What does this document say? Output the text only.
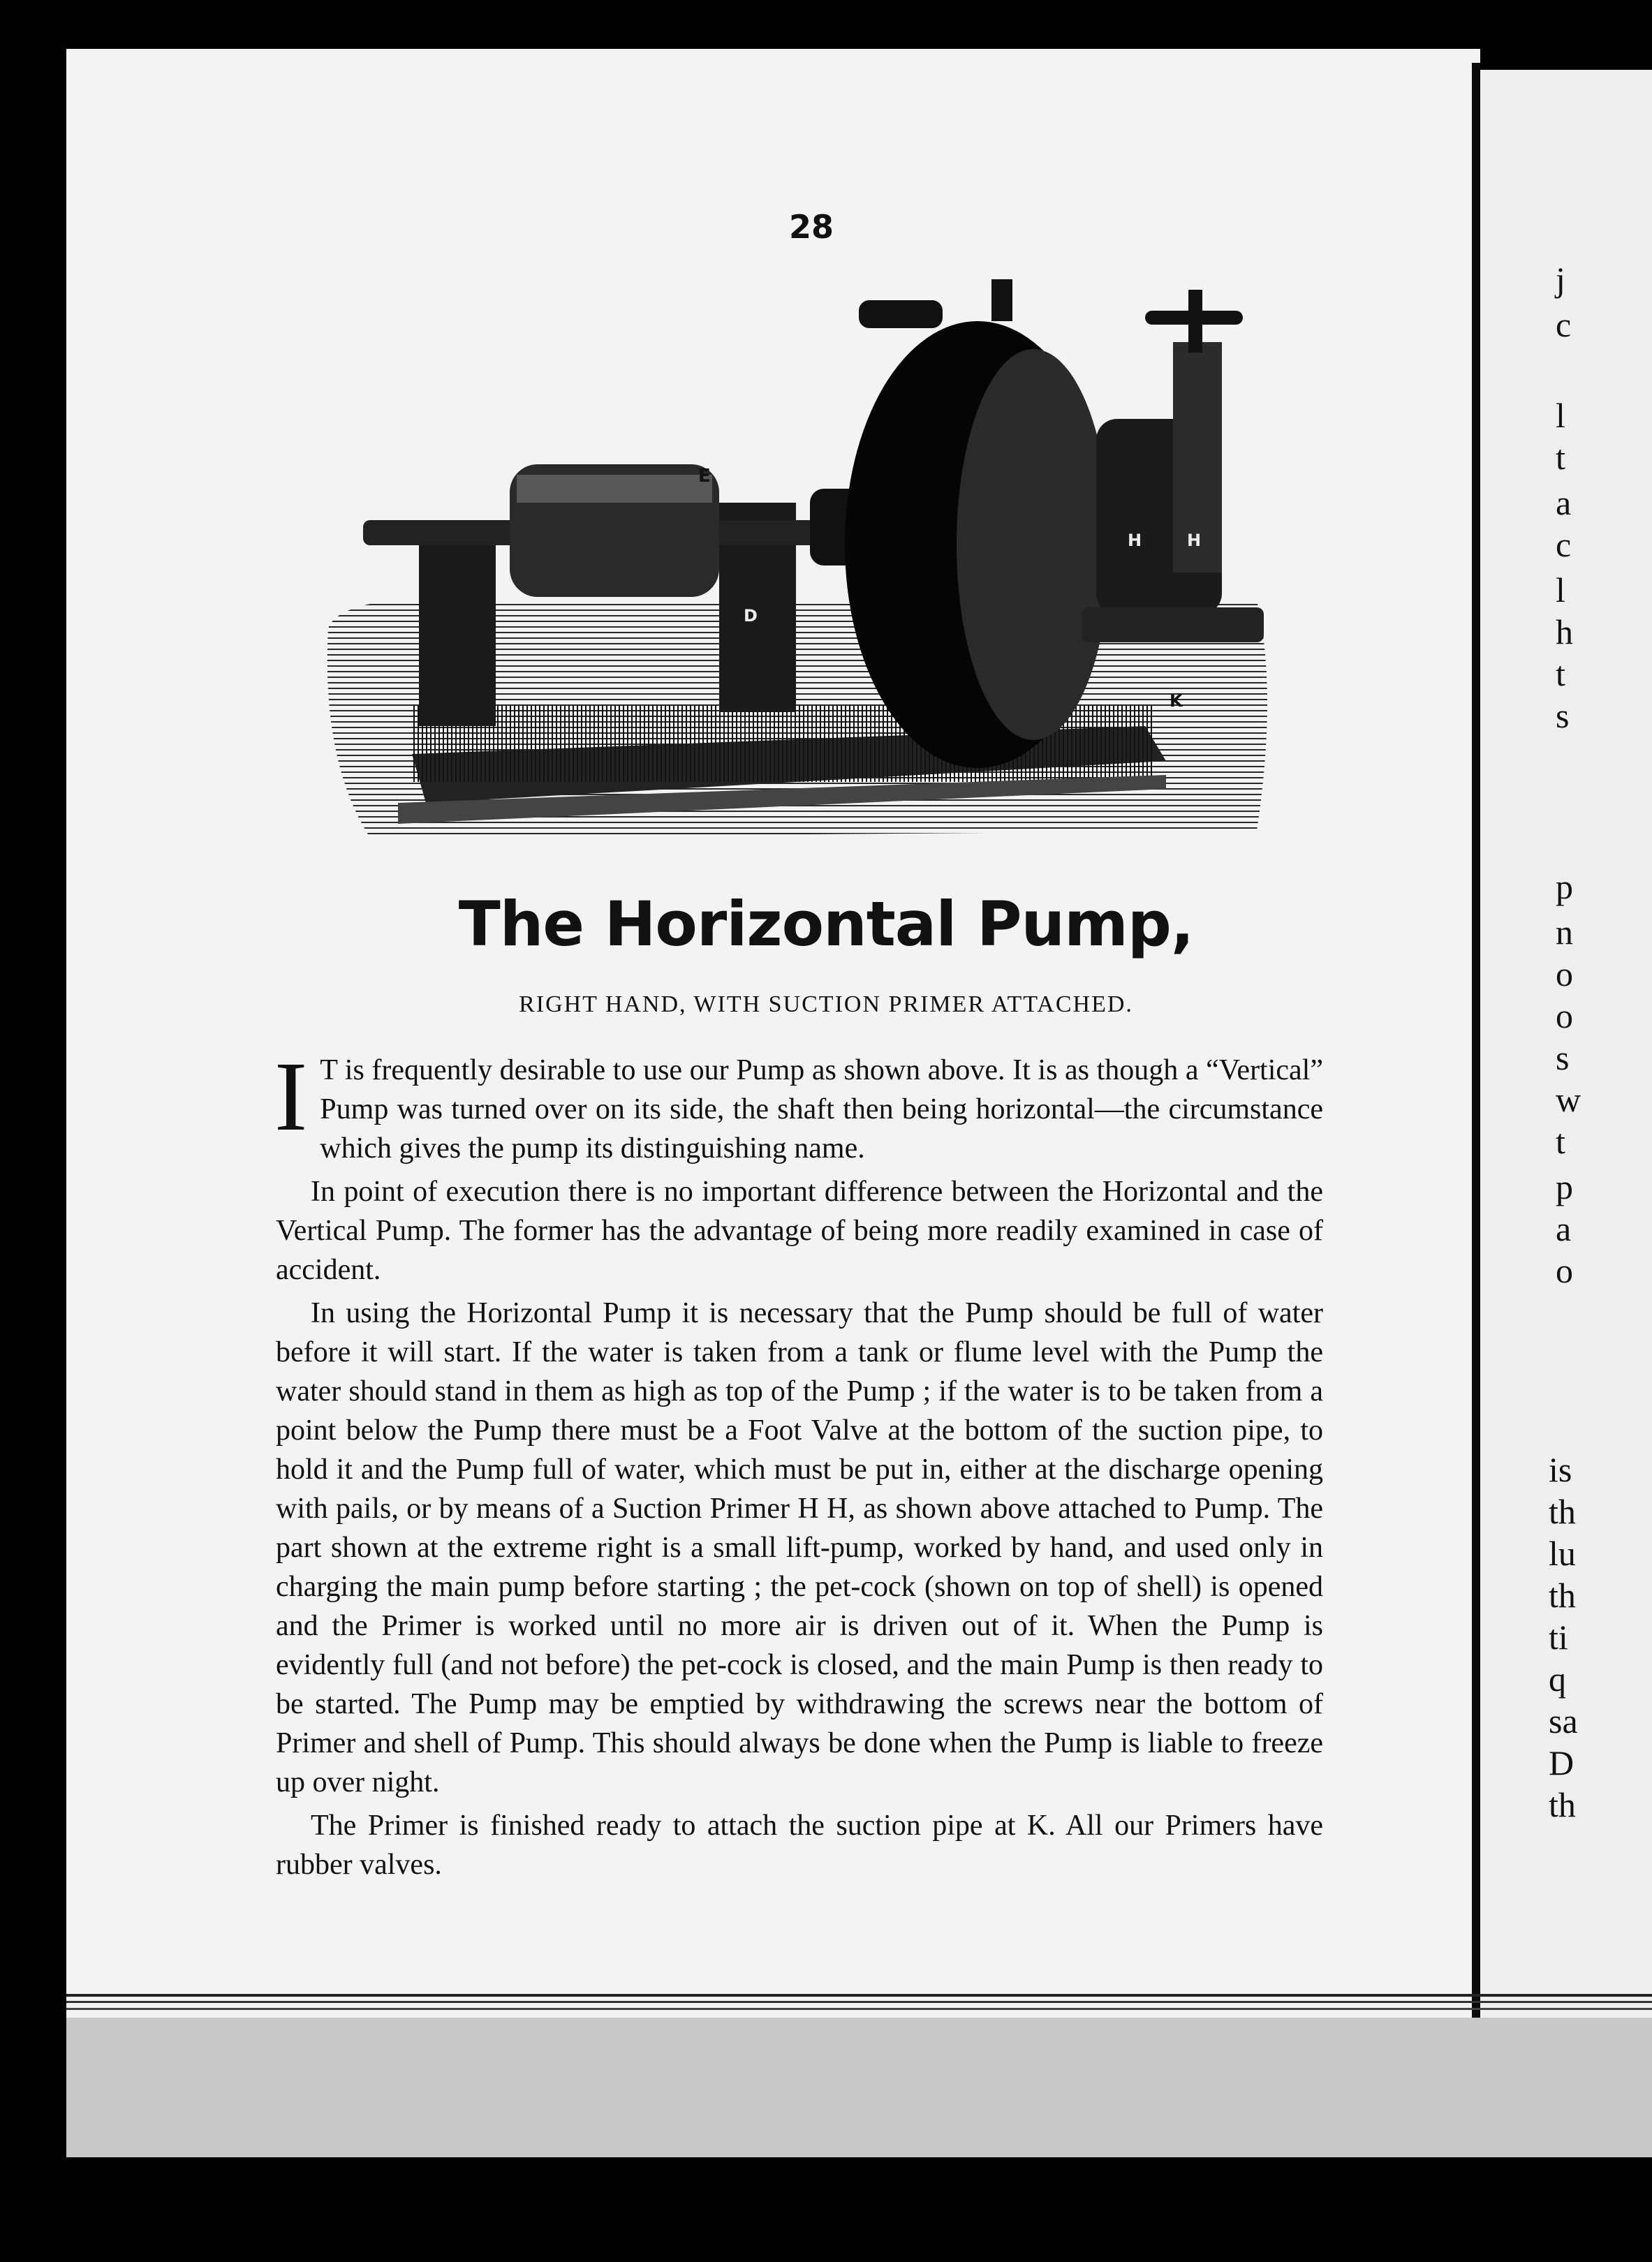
j
c
l
t
a
c
l
h
t
s
p
n
o
o
s
w
t
p
a
o
is
th
lu
th
ti
q
sa
D
th
28
E
D
H	H
K
The Horizontal Pump,
RIGHT HAND, WITH SUCTION PRIMER ATTACHED.

I T is frequently desirable to use our Pump as shown above. It is as though a “Vertical” Pump was turned over on its side, the shaft then being horizontal—the circumstance which gives the pump its distinguishing name.

In point of execution there is no important difference between the Horizontal and the Vertical Pump. The former has the advantage of being more readily examined in case of accident.

In using the Horizontal Pump it is necessary that the Pump should be full of water before it will start. If the water is taken from a tank or flume level with the Pump the water should stand in them as high as top of the Pump ; if the water is to be taken from a point below the Pump there must be a Foot Valve at the bottom of the suction pipe, to hold it and the Pump full of water, which must be put in, either at the discharge opening with pails, or by means of a Suction Primer H H, as shown above attached to Pump. The part shown at the extreme right is a small lift-pump, worked by hand, and used only in charging the main pump before starting ; the pet-cock (shown on top of shell) is opened and the Primer is worked until no more air is driven out of it. When the Pump is evidently full (and not before) the pet-cock is closed, and the main Pump is then ready to be started. The Pump may be emptied by withdrawing the screws near the bottom of Primer and shell of Pump. This should always be done when the Pump is liable to freeze up over night.

The Primer is finished ready to attach the suction pipe at K. All our Primers have rubber valves.
